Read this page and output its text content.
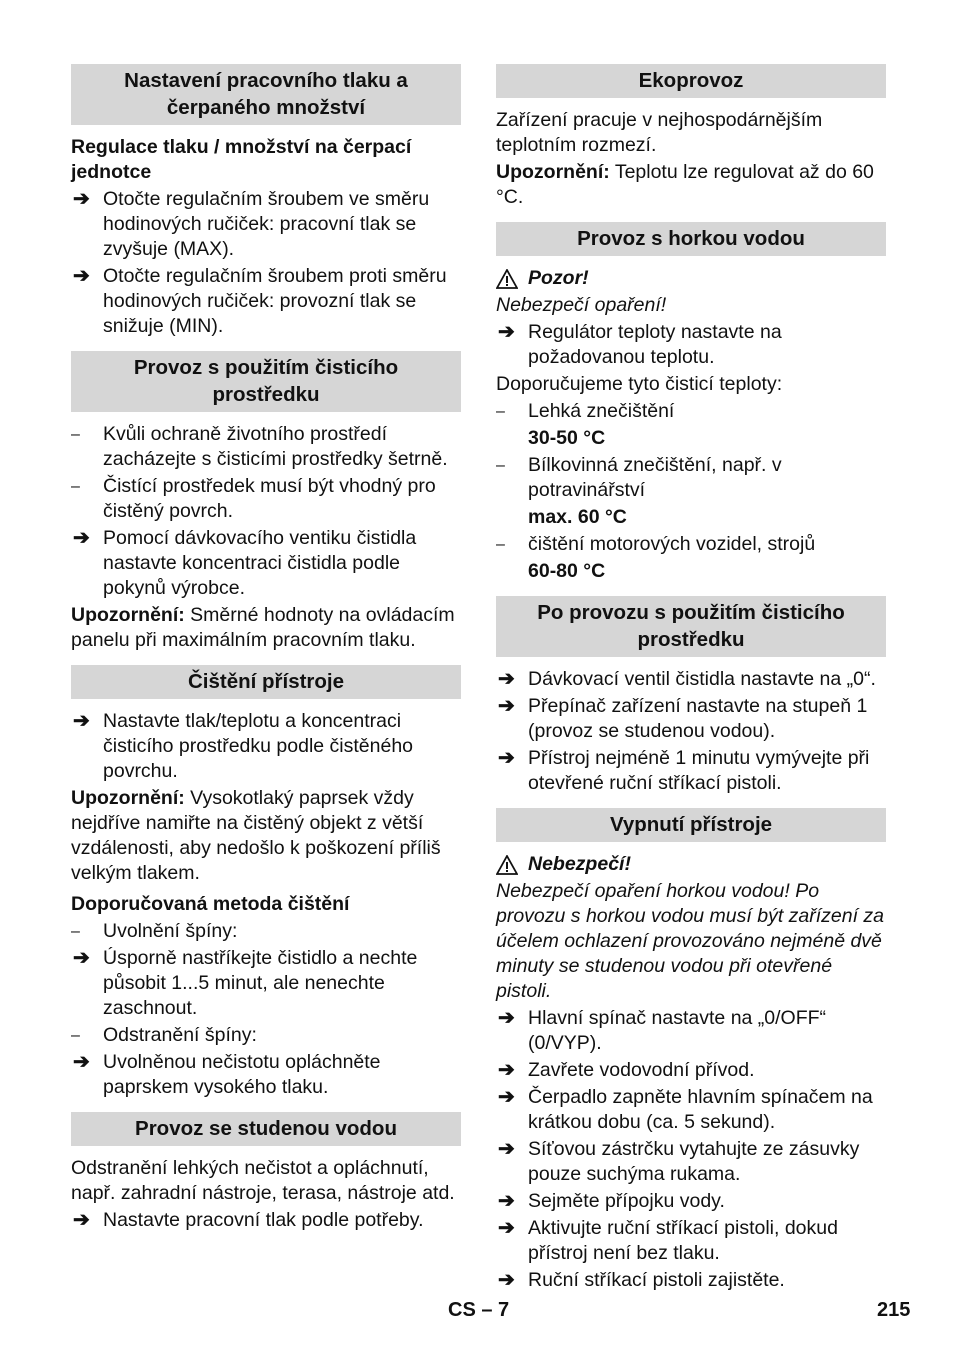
Nastavení pracovního tlaku a čerpaného množství
Regulace tlaku / množství na čerpací jednotce
➔ Otočte regulačním šroubem ve směru hodinových ručiček: pracovní tlak se zvyšuje (MAX).
➔ Otočte regulačním šroubem proti směru hodinových ručiček: provozní tlak se snižuje (MIN).
Provoz s použitím čisticího prostředku
–	Kvůli ochraně životního prostředí zacházejte s čisticími prostředky šetrně.
–	Čistící prostředek musí být vhodný pro čistěný povrch.
➔ Pomocí dávkovacího ventiku čistidla nastavte koncentraci čistidla podle pokynů výrobce.
Upozornění: Směrné hodnoty na ovládacím panelu při maximálním pracovním tlaku.
Čištění přístroje
➔ Nastavte tlak/teplotu a koncentraci čisticího prostředku podle čistěného povrchu.
Upozornění: Vysokotlaký paprsek vždy nejdříve namiřte na čistěný objekt z větší vzdálenosti, aby nedošlo k poškození příliš velkým tlakem.
Doporučovaná metoda čištění
–	Uvolnění špíny:
➔ Úsporně nastříkejte čistidlo a nechte působit 1...5 minut, ale nenechte zaschnout.
–	Odstranění špíny:
➔ Uvolněnou nečistotu opláchněte paprskem vysokého tlaku.
Provoz se studenou vodou
Odstranění lehkých nečistot a opláchnutí, např. zahradní nástroje, terasa, nástroje atd.
➔ Nastavte pracovní tlak podle potřeby.
Ekoprovoz
Zařízení pracuje v nejhospodárnějším teplotním rozmezí.
Upozornění: Teplotu lze regulovat až do 60 °C.
Provoz s horkou vodou
Pozor!
Nebezpečí opaření!
➔ Regulátor teploty nastavte na požadovanou teplotu.
Doporučujeme tyto čisticí teploty:
–	Lehká znečištění
30-50 °C
–	Bílkovinná znečištění, např. v potravinářství
max. 60 °C
–	čištění motorových vozidel, strojů
60-80 °C
Po provozu s použitím čisticího prostředku
➔ Dávkovací ventil čistidla nastavte na „0“.
➔ Přepínač zařízení nastavte na stupeň 1 (provoz se studenou vodou).
➔ Přístroj nejméně 1 minutu vymývejte při otevřené ruční stříkací pistoli.
Vypnutí přístroje
Nebezpečí!
Nebezpečí opaření horkou vodou! Po provozu s horkou vodou musí být zařízení za účelem ochlazení provozováno nejméně dvě minuty se studenou vodou při otevřené pistoli.
➔ Hlavní spínač nastavte na „0/OFF“ (0/VYP).
➔ Zavřete vodovodní přívod.
➔ Čerpadlo zapněte hlavním spínačem na krátkou dobu (ca. 5 sekund).
➔ Síťovou zástrčku vytahujte ze zásuvky pouze suchýma rukama.
➔ Sejměte přípojku vody.
➔ Aktivujte ruční stříkací pistoli, dokud přístroj není bez tlaku.
➔ Ruční stříkací pistoli zajistěte.
CS – 7	215
